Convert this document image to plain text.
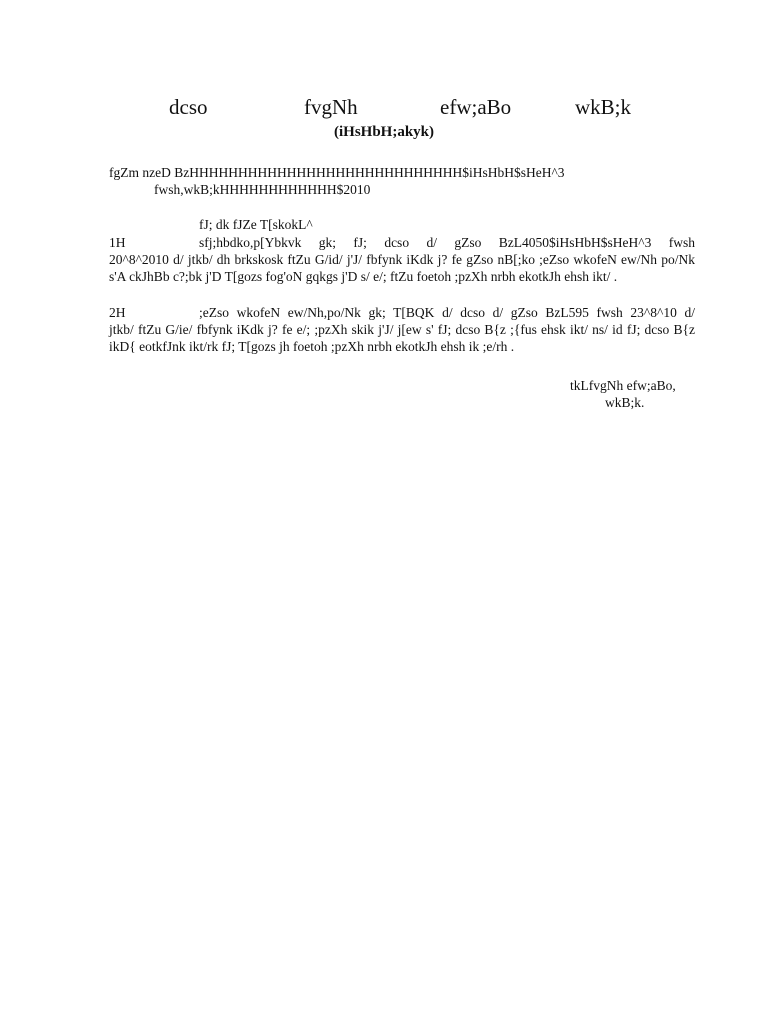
dcso	fvgNh	efw;aBo	wkB;k
(iHsHbH;akyk)
fgZm nzeD BzHHHHHHHHHHHHHHHHHHHHHHHHHHHH$iHsHbH$sHeH^3
fwsh,wkB;kHHHHHHHHHHHH$2010
fJ; dk fJZe T[skokL^
1H	sfj;hbdko,p[Ybkvk gk; fJ; dcso d/ gZso BzL4050$iHsHbH$sHeH^3 fwsh
20^8^2010 d/ jtkb/ dh brkskosk ftZu G/id/ j'J/ fbfynk iKdk j? fe gZso nB[;ko ;eZso wkofeN ew/Nh po/Nk s'A ckJhBb c?;bk j'D T[gozs fog'oN gqkgs j'D s/ e/; ftZu foetoh ;pzXh nrbh ekotkJh ehsh ikt/ .
2H	;eZso wkofeN ew/Nh,po/Nk gk; T[BQK d/ dcso d/ gZso BzL595 fwsh 23^8^10 d/
jtkb/ ftZu G/ie/ fbfynk iKdk j? fe e/; ;pzXh skik j'J/ j[ew s' fJ; dcso B{z ;{fus ehsk ikt/ ns/ id fJ; dcso B{z ikD{ eotkfJnk ikt/rk fJ; T[gozs jh foetoh ;pzXh nrbh ekotkJh ehsh ik ;e/rh .
tkLfvgNh efw;aBo,
wkB;k.
